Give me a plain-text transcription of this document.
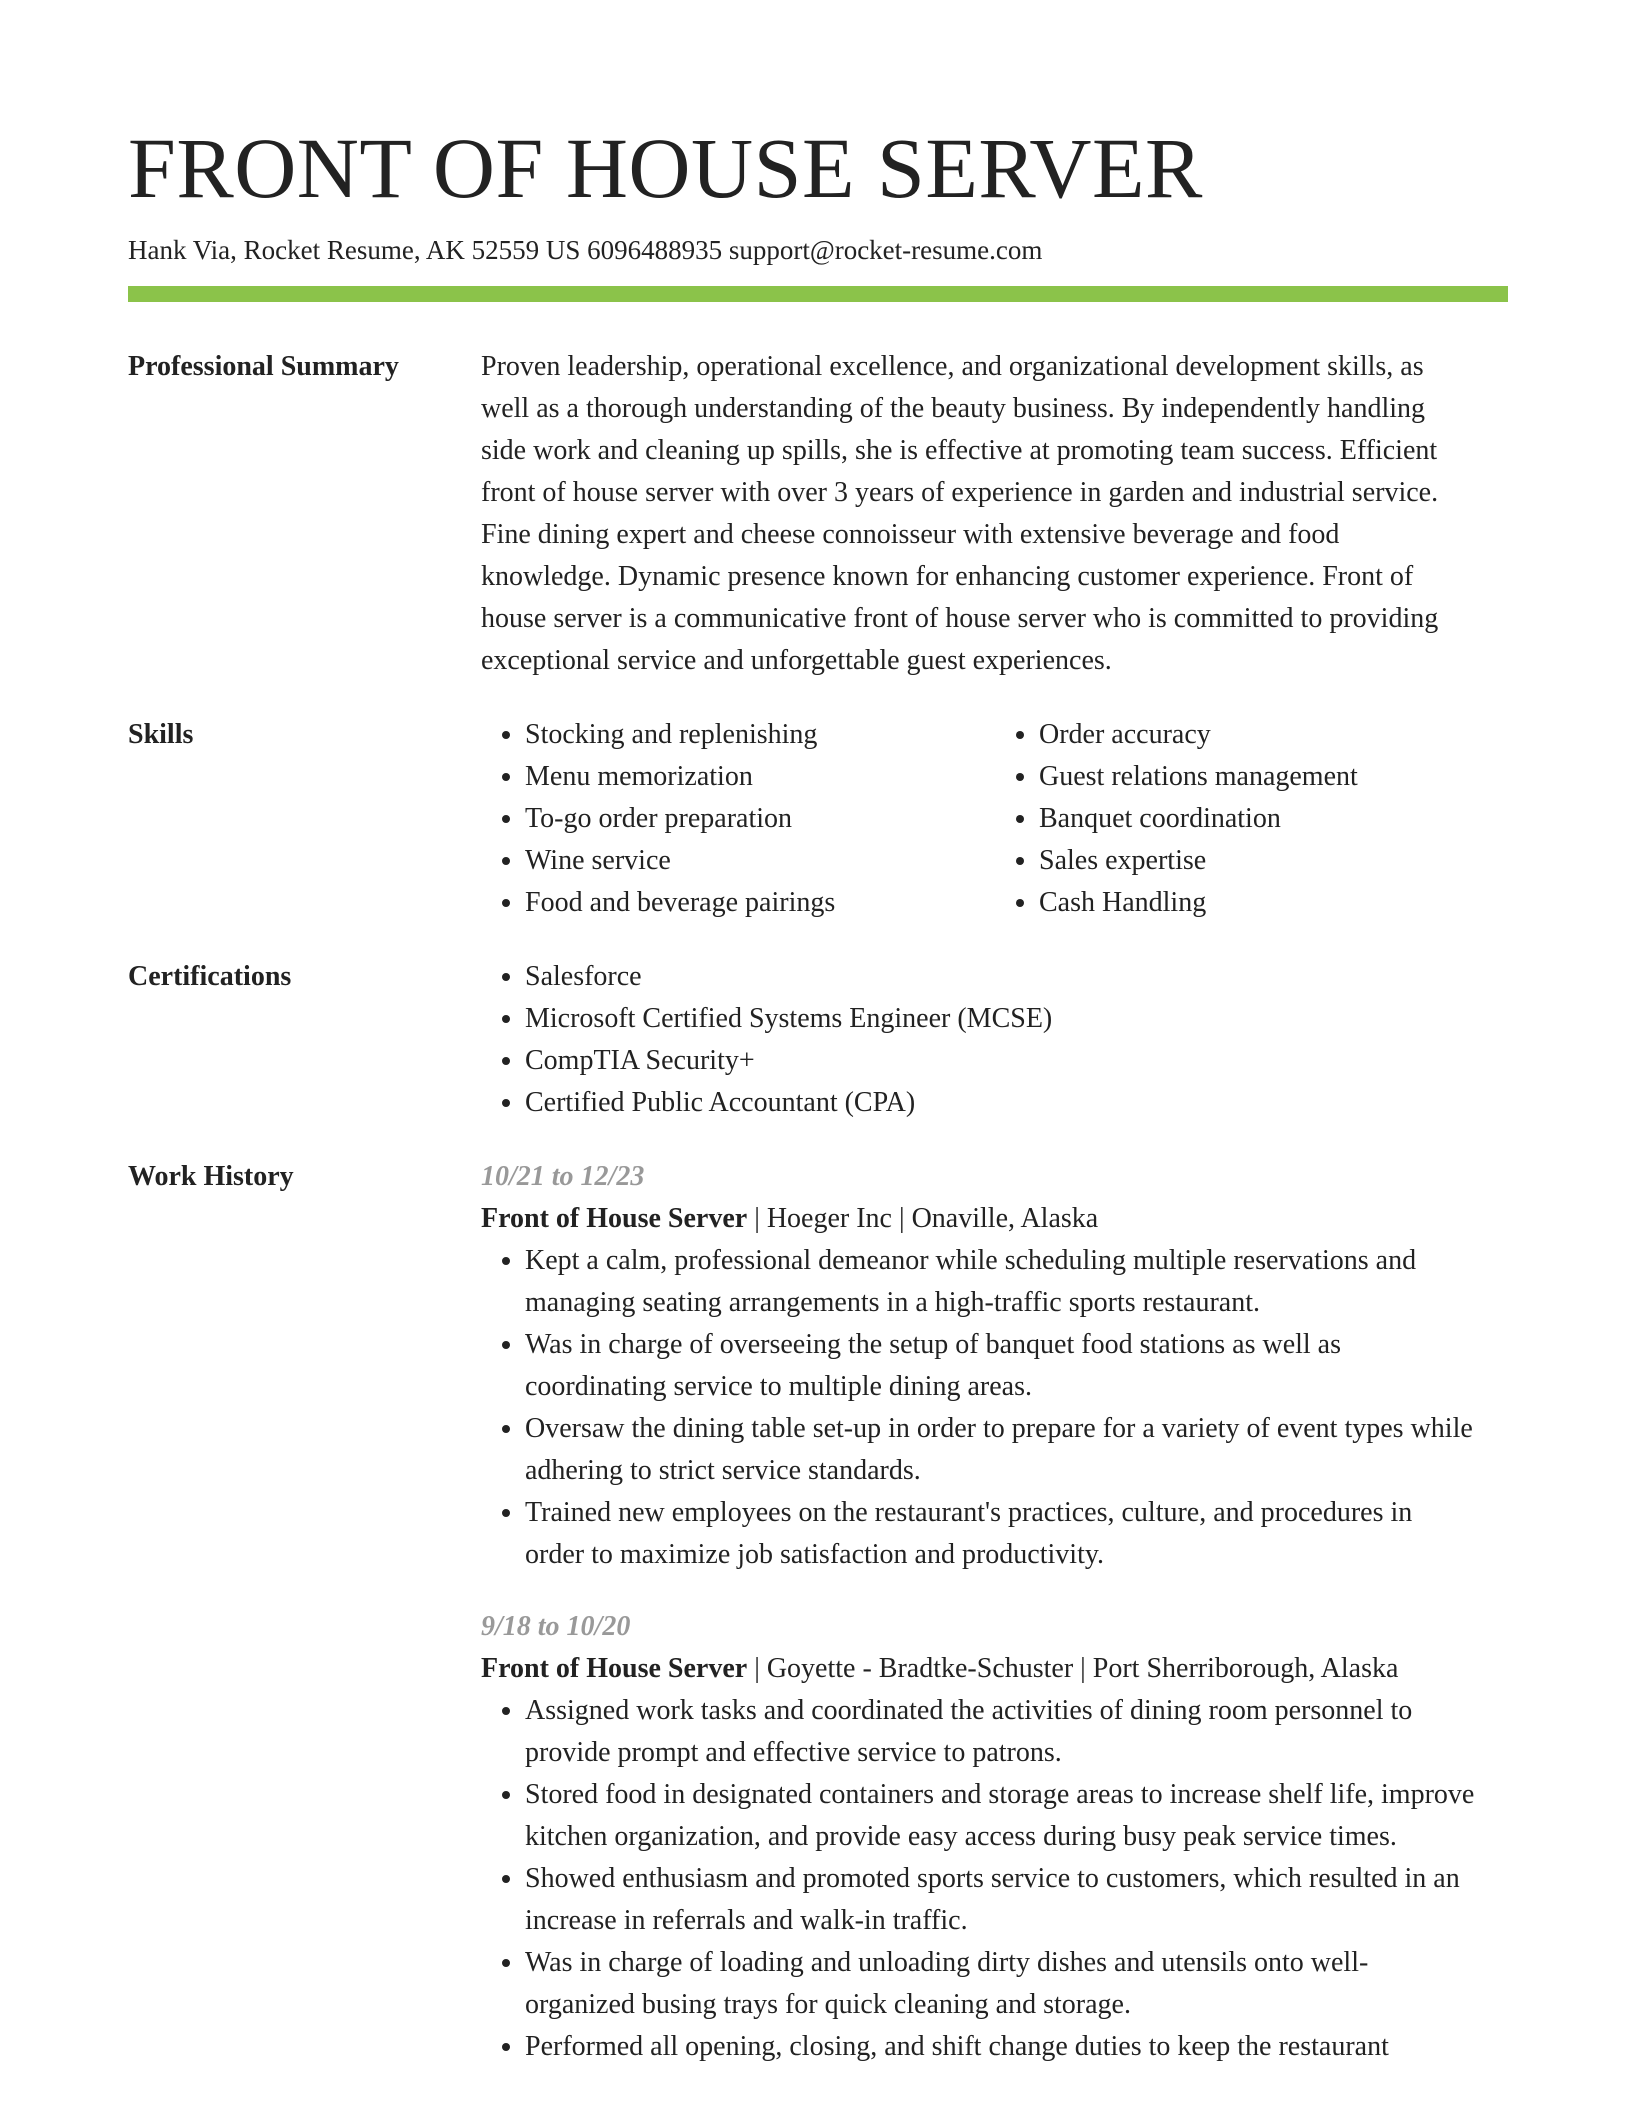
FRONT OF HOUSE SERVER
Hank Via, Rocket Resume, AK 52559 US 6096488935 support@rocket-resume.com
Professional Summary	Proven leadership, operational excellence, and organizational development skills, as
well as a thorough understanding of the beauty business. By independently handling
side work and cleaning up spills, she is effective at promoting team success. Efficient
front of house server with over 3 years of experience in garden and industrial service.
Fine dining expert and cheese connoisseur with extensive beverage and food
knowledge. Dynamic presence known for enhancing customer experience. Front of
house server is a communicative front of house server who is committed to providing
exceptional service and unforgettable guest experiences.

Skills	• Stocking and replenishing
• Menu memorization
• To-go order preparation
• Wine service
• Food and beverage pairings
• Order accuracy
• Guest relations management
• Banquet coordination
• Sales expertise
• Cash Handling
Certifications	• Salesforce
• Microsoft Certified Systems Engineer (MCSE)
• CompTIA Security+
• Certified Public Accountant (CPA)
Work History	10/21 to 12/23
Front of House Server | Hoeger Inc | Onaville, Alaska
• Kept a calm, professional demeanor while scheduling multiple reservations and
managing seating arrangements in a high-traffic sports restaurant.
• Was in charge of overseeing the setup of banquet food stations as well as
coordinating service to multiple dining areas.
• Oversaw the dining table set-up in order to prepare for a variety of event types while
adhering to strict service standards.
• Trained new employees on the restaurant's practices, culture, and procedures in
order to maximize job satisfaction and productivity.
9/18 to 10/20
Front of House Server | Goyette - Bradtke-Schuster | Port Sherriborough, Alaska
• Assigned work tasks and coordinated the activities of dining room personnel to
provide prompt and effective service to patrons.
• Stored food in designated containers and storage areas to increase shelf life, improve
kitchen organization, and provide easy access during busy peak service times.
• Showed enthusiasm and promoted sports service to customers, which resulted in an
increase in referrals and walk-in traffic.
• Was in charge of loading and unloading dirty dishes and utensils onto well-
organized busing trays for quick cleaning and storage.
• Performed all opening, closing, and shift change duties to keep the restaurant
